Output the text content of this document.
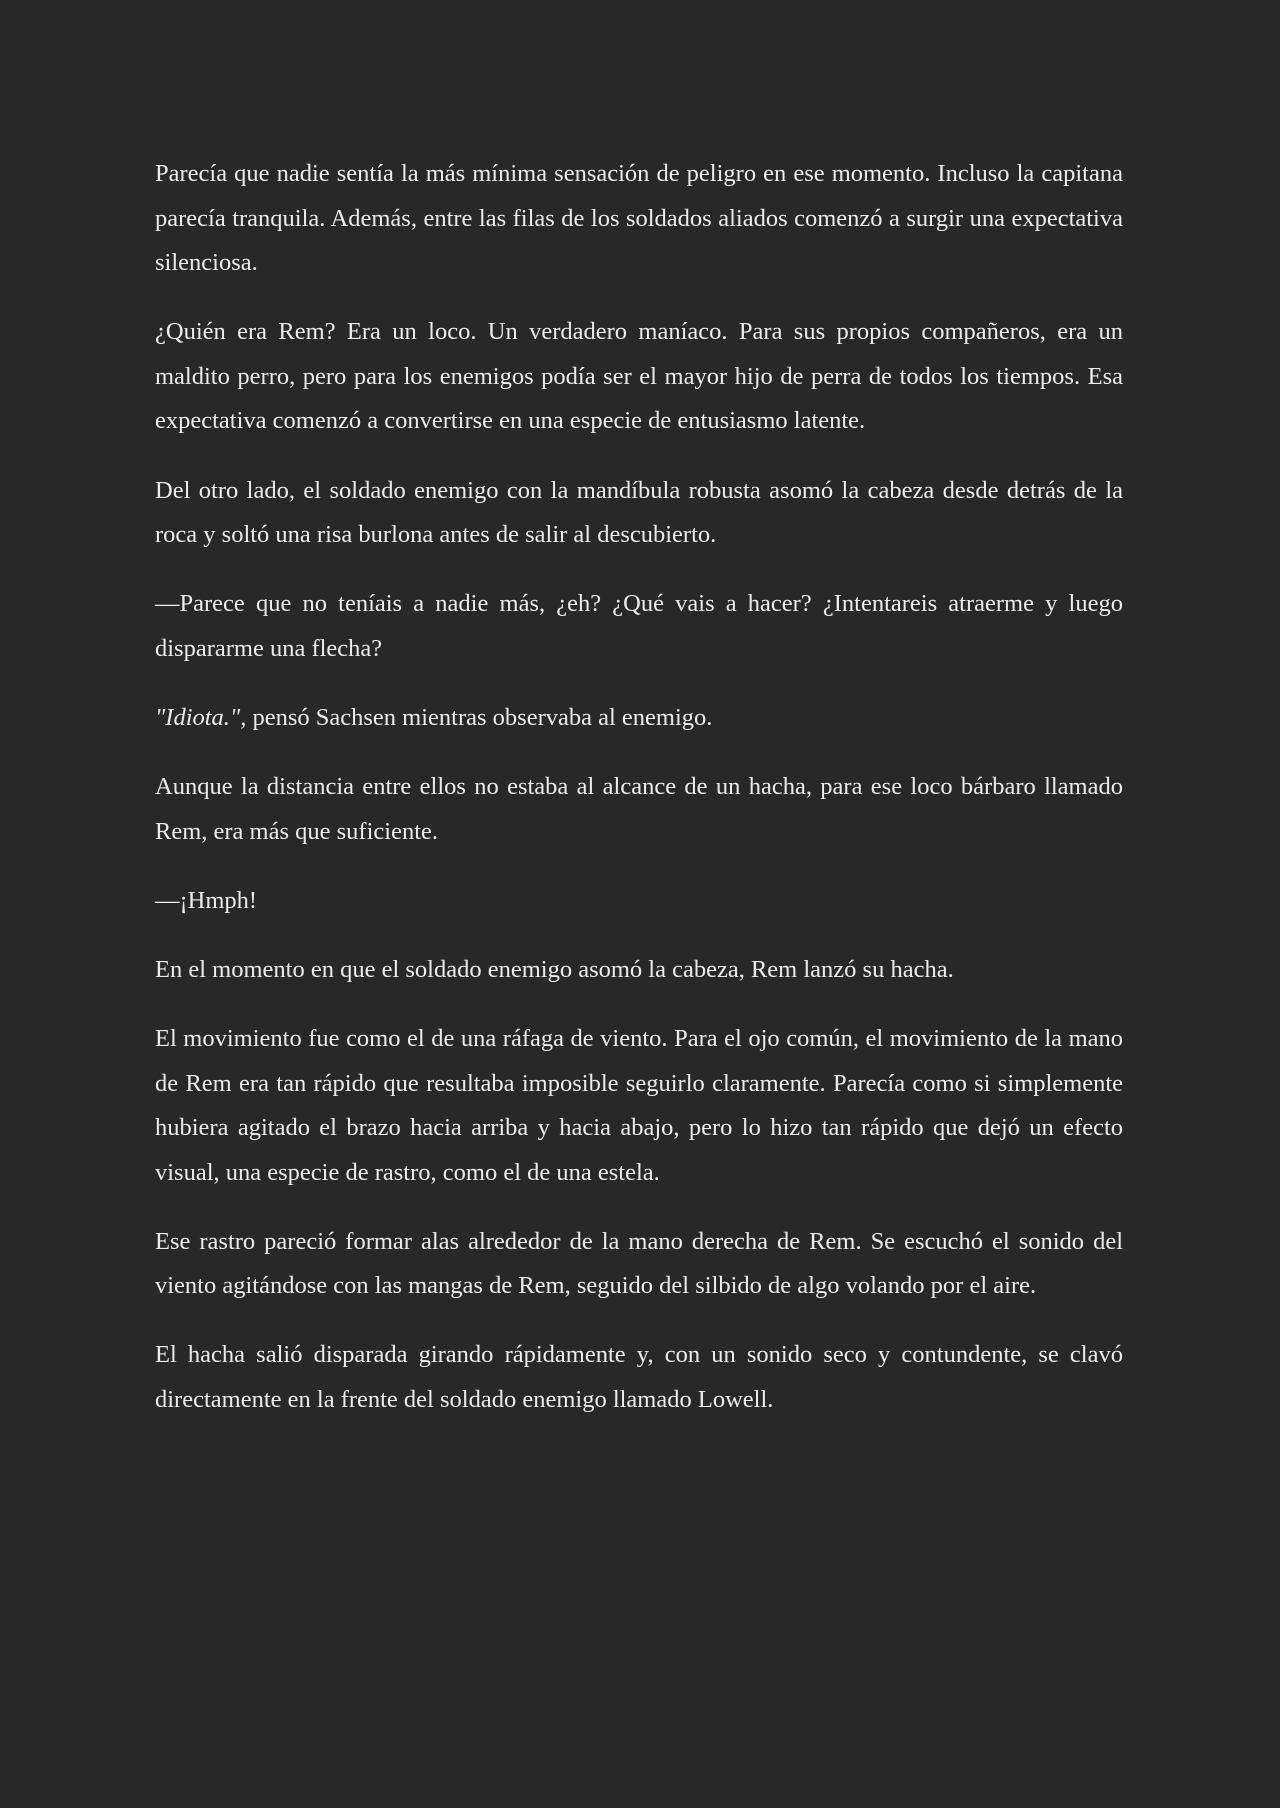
Parecía que nadie sentía la más mínima sensación de peligro en ese momento. Incluso la capitana parecía tranquila. Además, entre las filas de los soldados aliados comenzó a surgir una expectativa silenciosa.

¿Quién era Rem? Era un loco. Un verdadero maníaco. Para sus propios compañeros, era un maldito perro, pero para los enemigos podía ser el mayor hijo de perra de todos los tiempos. Esa expectativa comenzó a convertirse en una especie de entusiasmo latente.

Del otro lado, el soldado enemigo con la mandíbula robusta asomó la cabeza desde detrás de la roca y soltó una risa burlona antes de salir al descubierto.

—Parece que no teníais a nadie más, ¿eh? ¿Qué vais a hacer? ¿Intentareis atraerme y luego dispararme una flecha?

"Idiota.", pensó Sachsen mientras observaba al enemigo.

Aunque la distancia entre ellos no estaba al alcance de un hacha, para ese loco bárbaro llamado Rem, era más que suficiente.

—¡Hmph!

En el momento en que el soldado enemigo asomó la cabeza, Rem lanzó su hacha.

El movimiento fue como el de una ráfaga de viento. Para el ojo común, el movimiento de la mano de Rem era tan rápido que resultaba imposible seguirlo claramente. Parecía como si simplemente hubiera agitado el brazo hacia arriba y hacia abajo, pero lo hizo tan rápido que dejó un efecto visual, una especie de rastro, como el de una estela.

Ese rastro pareció formar alas alrededor de la mano derecha de Rem. Se escuchó el sonido del viento agitándose con las mangas de Rem, seguido del silbido de algo volando por el aire.

El hacha salió disparada girando rápidamente y, con un sonido seco y contundente, se clavó directamente en la frente del soldado enemigo llamado Lowell.
